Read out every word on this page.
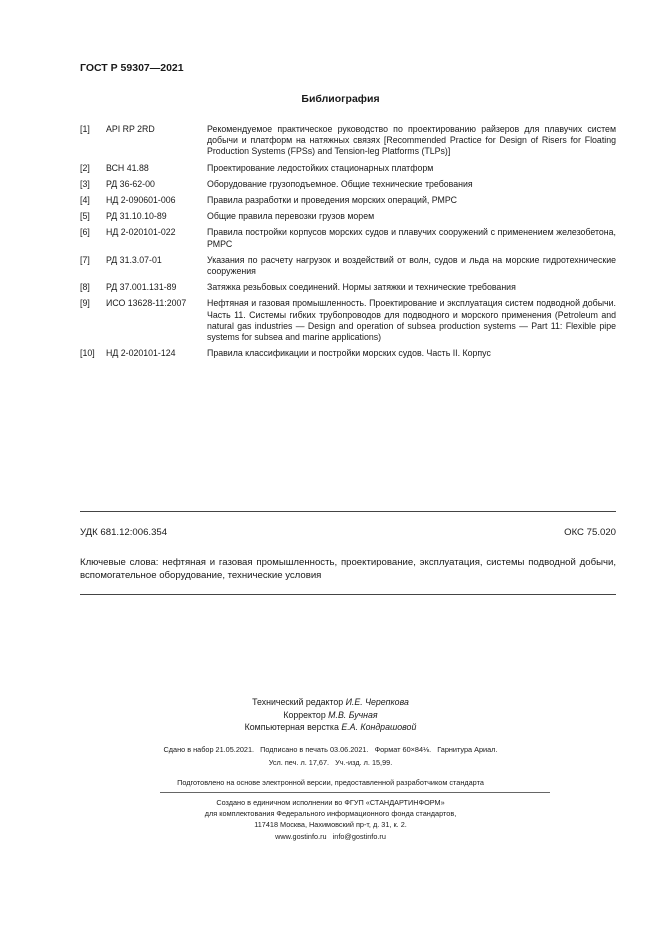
ГОСТ Р 59307—2021
Библиография
[1]	API RP 2RD	Рекомендуемое практическое руководство по проектированию райзеров для плавучих систем добычи и платформ на натяжных связях [Recommended Practice for Design of Risers for Floating Production Systems (FPSs) and Tension-leg Platforms (TLPs)]
[2]	ВСН 41.88	Проектирование ледостойких стационарных платформ
[3]	РД 36-62-00	Оборудование грузоподъемное. Общие технические требования
[4]	НД 2-090601-006	Правила разработки и проведения морских операций, РМРС
[5]	РД 31.10.10-89	Общие правила перевозки грузов морем
[6]	НД 2-020101-022	Правила постройки корпусов морских судов и плавучих сооружений с применением железобетона, РМРС
[7]	РД 31.3.07-01	Указания по расчету нагрузок и воздействий от волн, судов и льда на морские гидротехнические сооружения
[8]	РД 37.001.131-89	Затяжка резьбовых соединений. Нормы затяжки и технические требования
[9]	ИСО 13628-11:2007	Нефтяная и газовая промышленность. Проектирование и эксплуатация систем подводной добычи. Часть 11. Системы гибких трубопроводов для подводного и морского применения (Petroleum and natural gas industries — Design and operation of subsea production systems — Part 11: Flexible pipe systems for subsea and marine applications)
[10]	НД 2-020101-124	Правила классификации и постройки морских судов. Часть II. Корпус
УДК 681.12:006.354	ОКС 75.020
Ключевые слова: нефтяная и газовая промышленность, проектирование, эксплуатация, системы подводной добычи, вспомогательное оборудование, технические условия
Технический редактор И.Е. Черепкова
Корректор М.В. Бучная
Компьютерная верстка Е.А. Кондрашовой
Сдано в набор 21.05.2021.   Подписано в печать 03.06.2021.   Формат 60×84⅛.   Гарнитура Ариал.
Усл. печ. л. 17,67.   Уч.-изд. л. 15,99.
Подготовлено на основе электронной версии, предоставленной разработчиком стандарта
Создано в единичном исполнении во ФГУП «СТАНДАРТИНФОРМ»
для комплектования Федерального информационного фонда стандартов,
117418 Москва, Нахимовский пр-т, д. 31, к. 2.
www.gostinfo.ru   info@gostinfo.ru
